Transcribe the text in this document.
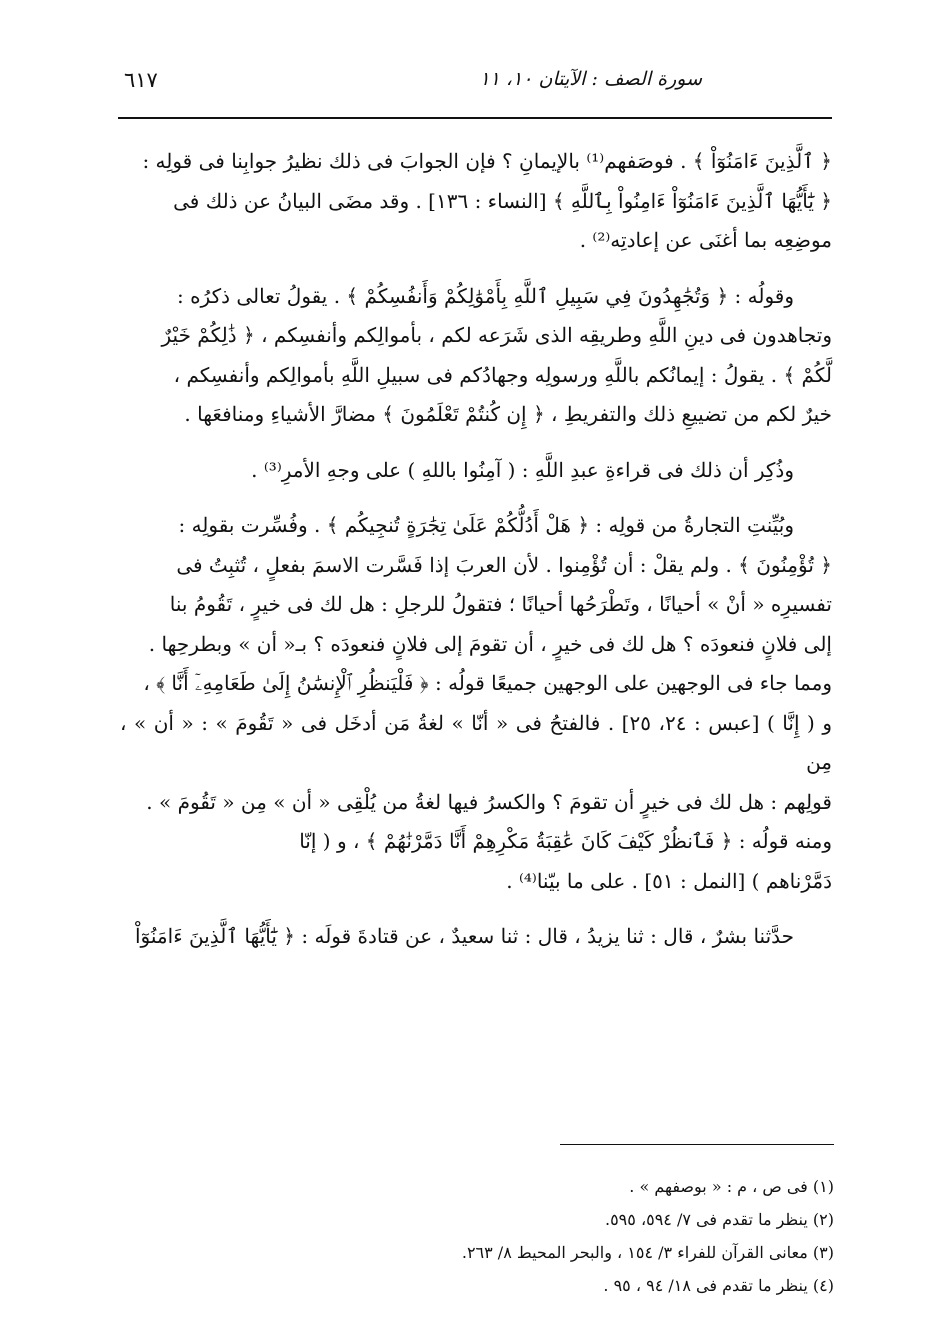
سورة الصف : الآيتان ١٠، ١١
٦١٧
﴿ ٱلَّذِينَ ءَامَنُوٓاْ ﴾ . فوصَفهم⁽¹⁾ بالإيمانِ ؟ فإن الجوابَ فى ذلك نظيرُ جوابِنا فى قولِه :
﴿ يَٰٓأَيُّهَا ٱلَّذِينَ ءَامَنُوٓاْ ءَامِنُواْ بِٱللَّهِ ﴾ [النساء : ١٣٦] . وقد مضَى البيانُ عن ذلك فى
موضِعِه بما أغنَى عن إعادتِه⁽²⁾ .
وقولُه : ﴿ وَتُجَٰهِدُونَ فِي سَبِيلِ ٱللَّهِ بِأَمْوَٰلِكُمْ وَأَنفُسِكُمْ ﴾ . يقولُ تعالى ذكرُه :
وتجاهدون فى دينِ اللَّهِ وطريقِه الذى شَرَعه لكم ، بأموالِكم وأنفسِكم ، ﴿ ذَٰلِكُمْ خَيْرٌ
لَّكُمْ ﴾ . يقولُ : إيمانُكم باللَّهِ ورسولِه وجهادُكم فى سبيلِ اللَّهِ بأموالِكم وأنفسِكم ،
خيرٌ لكم من تضييعِ ذلك والتفريطِ ، ﴿ إِن كُنتُمْ تَعْلَمُونَ ﴾ مضارَّ الأشياءِ ومنافعَها .
وذُكِر أن ذلك فى قراءةِ عبدِ اللَّهِ : ( آمِنُوا باللهِ ) على وجهِ الأمرِ⁽³⁾ .
وبُيِّنتِ التجارةُ من قولِه : ﴿ هَلْ أَدُلُّكُمْ عَلَىٰ تِجَٰرَةٍ تُنجِيكُم ﴾ . وفُسِّرت بقولِه :
﴿ تُؤْمِنُونَ ﴾ . ولم يقلْ : أن تُؤْمِنوا . لأن العربَ إذا فَسَّرت الاسمَ بفعلٍ ، تُثبِتُ فى
تفسيرِه « أنْ » أحيانًا ، وتَطْرَحُها أحيانًا ؛ فتقولُ للرجلِ : هل لك فى خيرٍ ، تَقُومُ بنا
إلى فلانٍ فنعودَه ؟ هل لك فى خيرٍ ، أن تقومَ إلى فلانٍ فنعودَه ؟ بـ« أن » وبطرحِها .
ومما جاء فى الوجهين على الوجهين جميعًا قولُه : ﴿ فَلْيَنظُرِ ٱلْإِنسَٰنُ إِلَىٰ طَعَامِهِۦٓ أَنَّا ﴾ ،
و ( إِنَّا ) [عبس : ٢٤، ٢٥] . فالفتحُ فى « أنّا » لغةُ مَن أدخَل فى « تَقُومَ » : « أن » ، مِن
قولِهم : هل لك فى خيرٍ أن تقومَ ؟ والكسرُ فيها لغةُ من يُلْقِى « أن » مِن « تَقُومَ » .
ومنه قولُه : ﴿ فَٱنظُرْ كَيْفَ كَانَ عَٰقِبَةُ مَكْرِهِمْ أَنَّا دَمَّرْنَٰهُمْ ﴾ ، و ( إنّا
دَمَّرْناهم ) [النمل : ٥١] . على ما بيّنا⁽⁴⁾ .
حدَّثنا بشرٌ ، قال : ثنا يزيدُ ، قال : ثنا سعيدٌ ، عن قتادةَ قولَه : ﴿ يَٰٓأَيُّهَا ٱلَّذِينَ ءَامَنُوٓاْ

(١) فى ص ، م : « بوصفهم » .

(٢) ينظر ما تقدم فى ٧/ ٥٩٤، ٥٩٥.

(٣) معانى القرآن للفراء ٣/ ١٥٤ ، والبحر المحيط ٨/ ٢٦٣.

(٤) ينظر ما تقدم فى ١٨/ ٩٤ ، ٩٥ .
